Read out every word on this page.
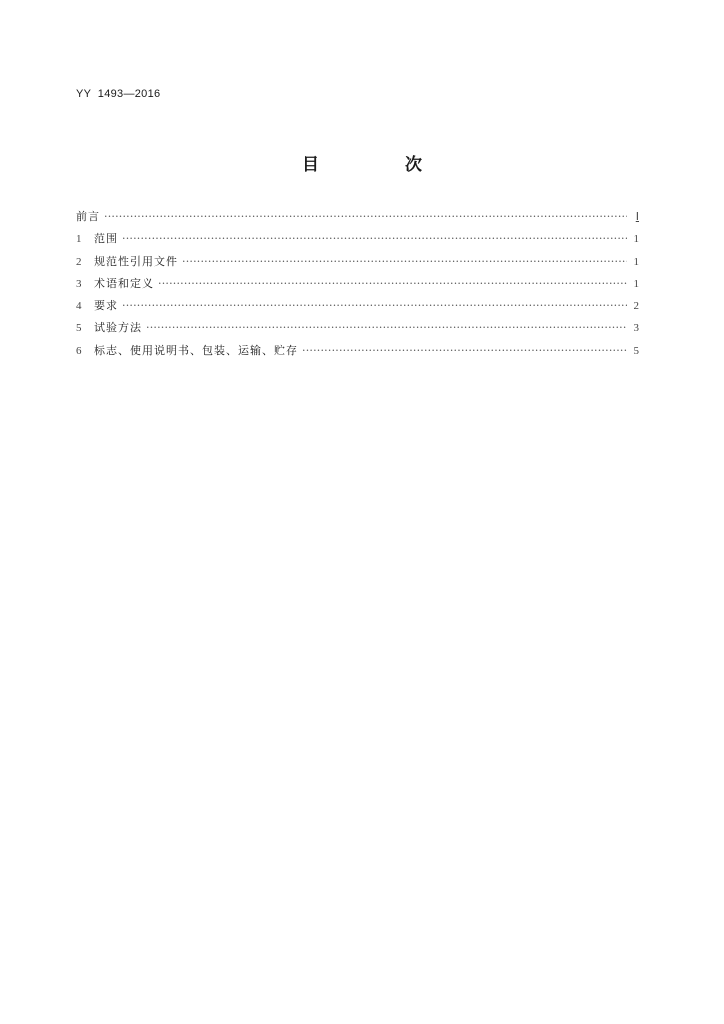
YY  1493—2016
目 次
前言 ·····	Ⅰ
1	范围 ·····	1
2	规范性引用文件 ·····	1
3	术语和定义 ·····	1
4	要求 ·····	2
5	试验方法 ·····	3
6	标志、使用说明书、包装、运输、贮存 ·····	5
